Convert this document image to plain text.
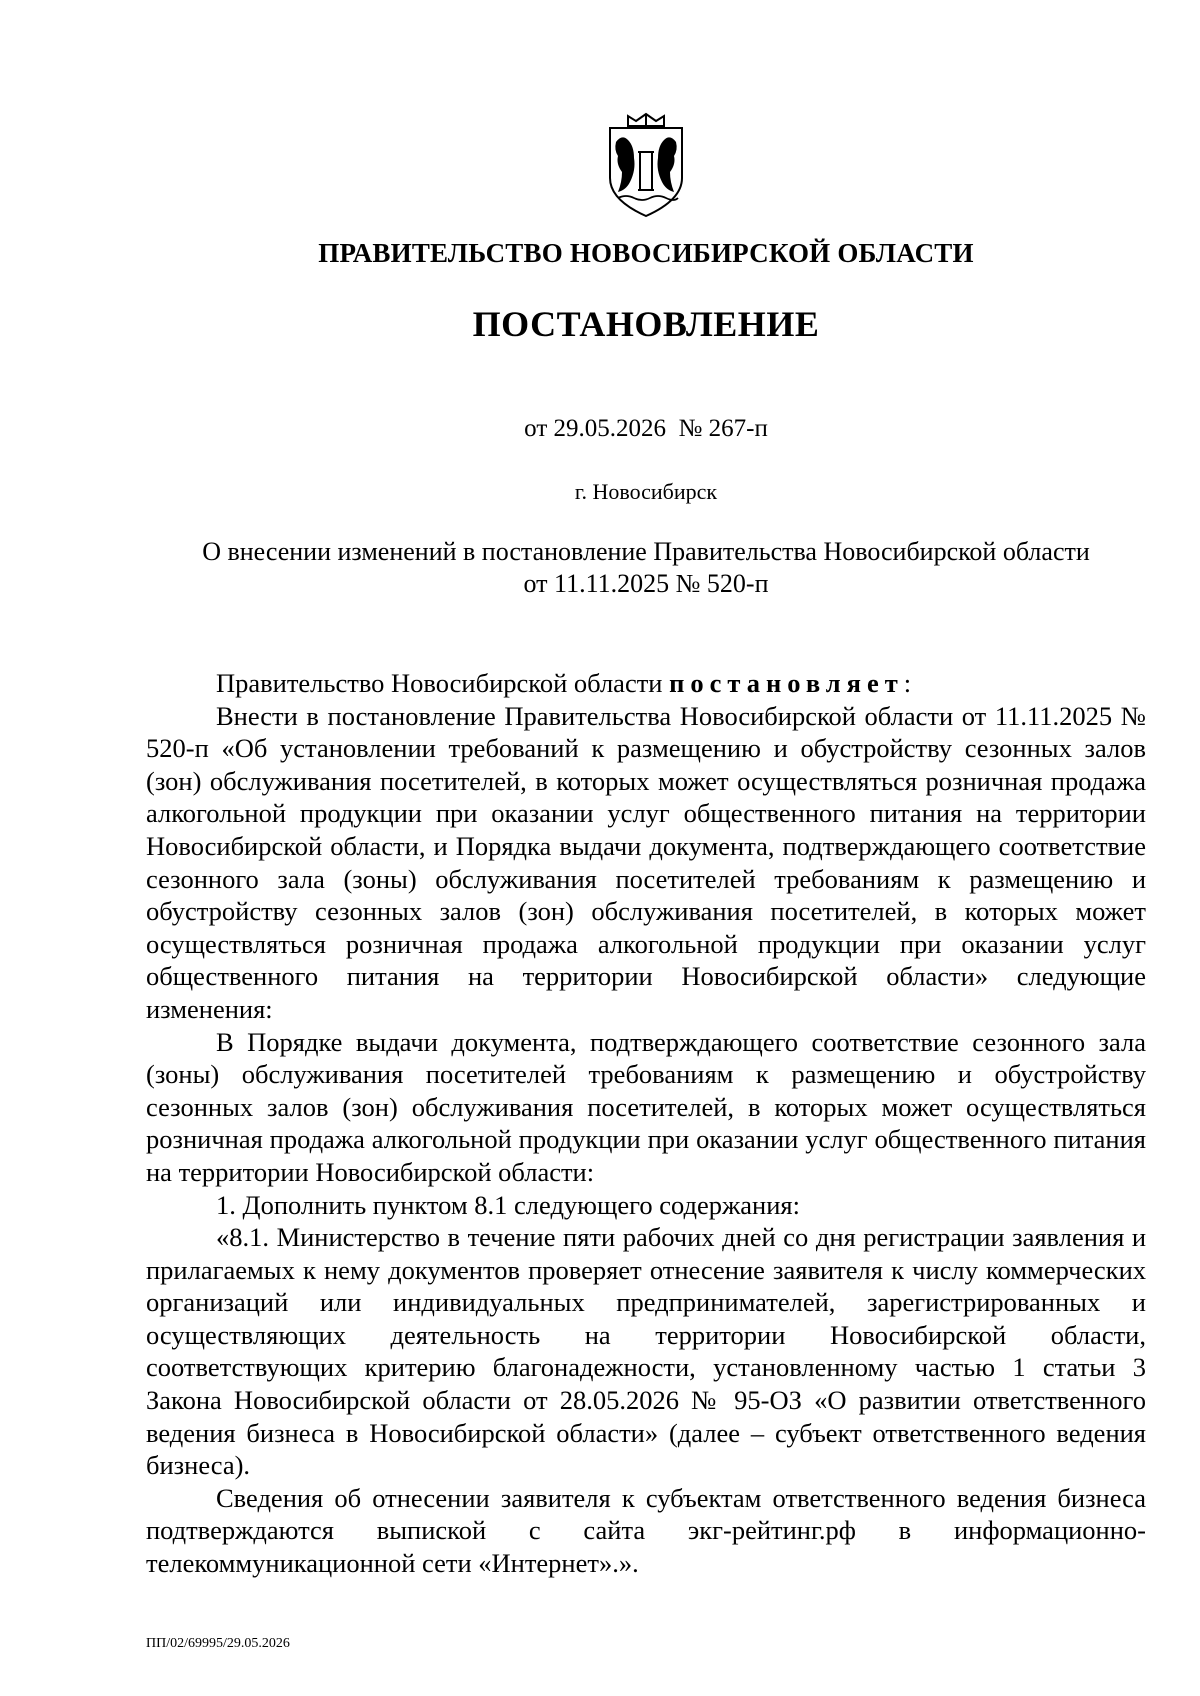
ПРАВИТЕЛЬСТВО НОВОСИБИРСКОЙ ОБЛАСТИ
ПОСТАНОВЛЕНИЕ
от 29.05.2026  № 267-п
г. Новосибирск
О внесении изменений в постановление Правительства Новосибирской области
от 11.11.2025 № 520-п

Правительство Новосибирской области постановляет:

Внести в постановление Правительства Новосибирской области от 11.11.2025 № 520-п «Об установлении требований к размещению и обустройству сезонных залов (зон) обслуживания посетителей, в которых может осуществляться розничная продажа алкогольной продукции при оказании услуг общественного питания на территории Новосибирской области, и Порядка выдачи документа, подтверждающего соответствие сезонного зала (зоны) обслуживания посетителей требованиям к размещению и обустройству сезонных залов (зон) обслуживания посетителей, в которых может осуществляться розничная продажа алкогольной продукции при оказании услуг общественного питания на территории Новосибирской области» следующие изменения:

В Порядке выдачи документа, подтверждающего соответствие сезонного зала (зоны) обслуживания посетителей требованиям к размещению и обустройству сезонных залов (зон) обслуживания посетителей, в которых может осуществляться розничная продажа алкогольной продукции при оказании услуг общественного питания на территории Новосибирской области:

1. Дополнить пунктом 8.1 следующего содержания:

«8.1. Министерство в течение пяти рабочих дней со дня регистрации заявления и прилагаемых к нему документов проверяет отнесение заявителя к числу коммерческих организаций или индивидуальных предпринимателей, зарегистрированных и осуществляющих деятельность на территории Новосибирской области, соответствующих критерию благонадежности, установленному частью 1 статьи 3 Закона Новосибирской области от 28.05.2026 № 95-ОЗ «О развитии ответственного ведения бизнеса в Новосибирской области» (далее – субъект ответственного ведения бизнеса).

Сведения об отнесении заявителя к субъектам ответственного ведения бизнеса подтверждаются выпиской с сайта экг-рейтинг.рф в информационно-телекоммуникационной сети «Интернет».».

ПП/02/69995/29.05.2026
